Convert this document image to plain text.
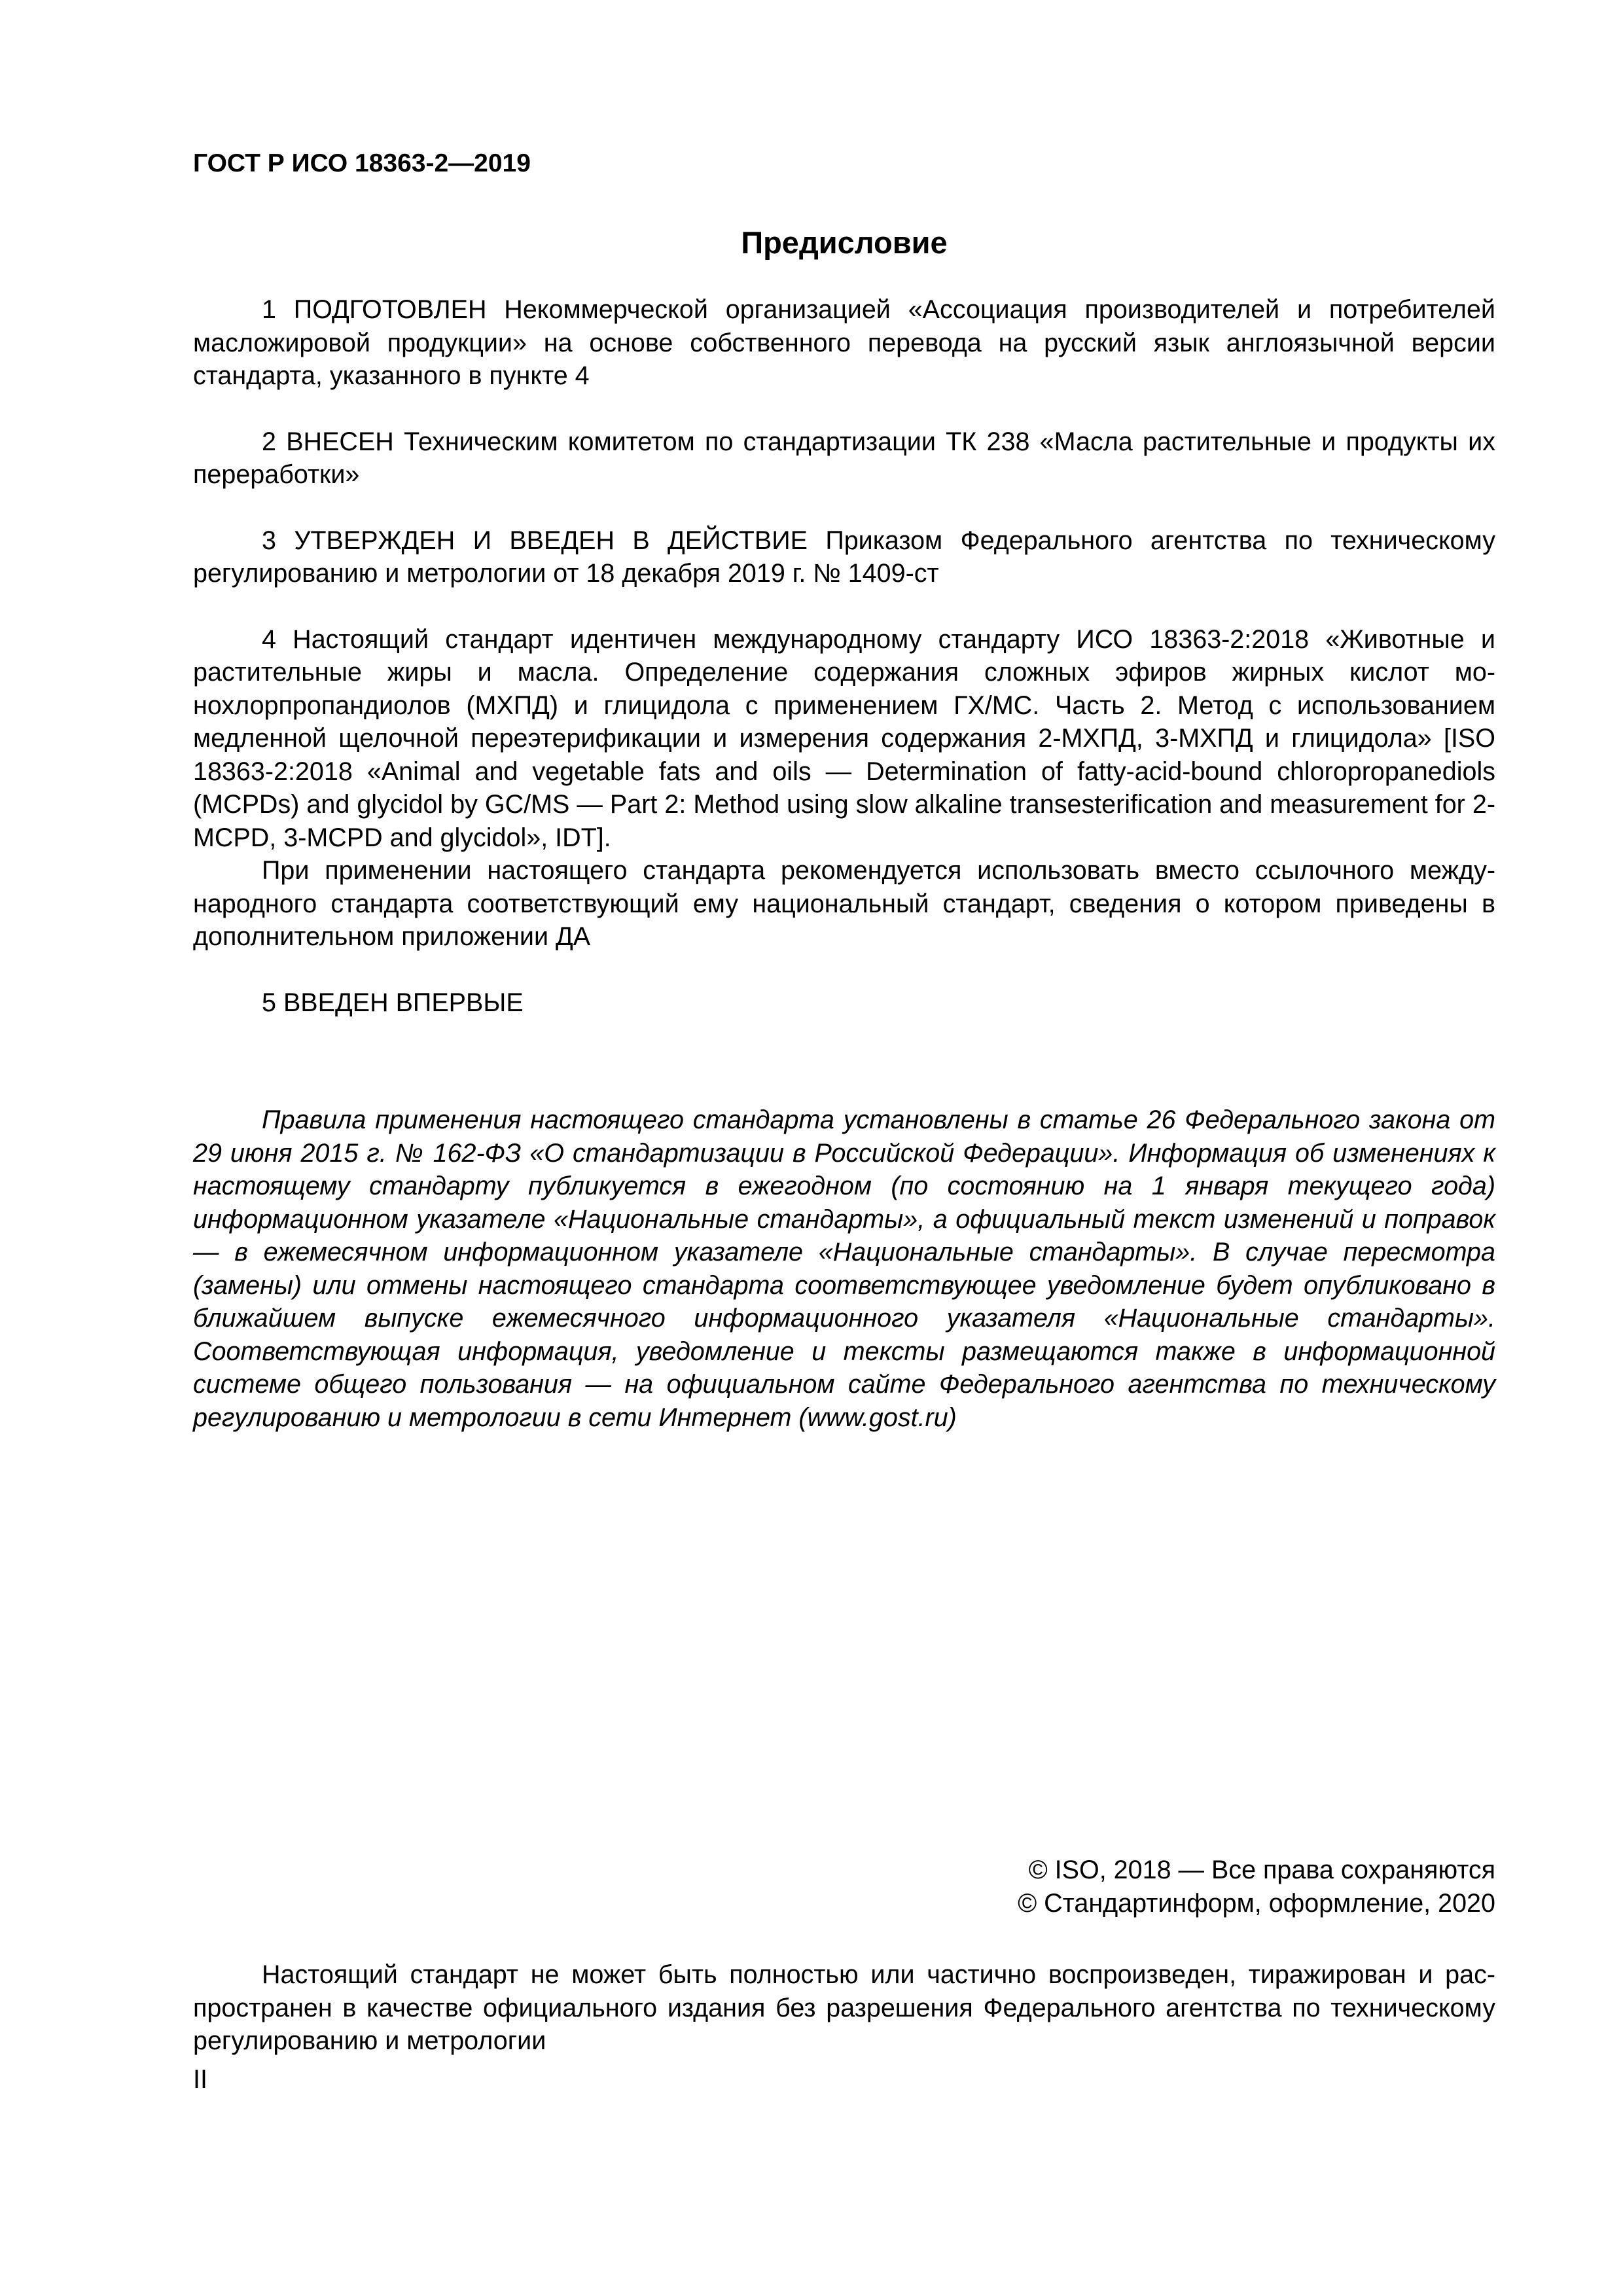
ГОСТ Р ИСО 18363-2—2019
Предисловие

1 ПОДГОТОВЛЕН Некоммерческой организацией «Ассоциация производителей и потребителей масложировой продукции» на основе собственного перевода на русский язык англоязычной версии стандарта, указанного в пункте 4

2 ВНЕСЕН Техническим комитетом по стандартизации ТК 238 «Масла растительные и продукты их переработки»

3 УТВЕРЖДЕН И ВВЕДЕН В ДЕЙСТВИЕ Приказом Федерального агентства по техническому регулированию и метрологии от 18 декабря 2019 г. № 1409-ст

4 Настоящий стандарт идентичен международному стандарту ИСО 18363-2:2018 «Животные и растительные жиры и масла. Определение содержания сложных эфиров жирных кислот монохлорпропандиолов (МХПД) и глицидола с применением ГХ/МС. Часть 2. Метод с использованием медленной щелочной переэтерификации и измерения содержания 2-МХПД, 3-МХПД и глицидола» [ISO 18363-2:2018 «Animal and vegetable fats and oils — Determination of fatty-acid-bound chloropropanediols (MCPDs) and glycidol by GC/MS — Part 2: Method using slow alkaline transesterification and measurement for 2-MCPD, 3-MCPD and glycidol», IDT].

При применении настоящего стандарта рекомендуется использовать вместо ссылочного международного стандарта соответствующий ему национальный стандарт, сведения о котором приведены в дополнительном приложении ДА

5 ВВЕДЕН ВПЕРВЫЕ

Правила применения настоящего стандарта установлены в статье 26 Федерального закона от 29 июня 2015 г. № 162-ФЗ «О стандартизации в Российской Федерации». Информация об изменениях к настоящему стандарту публикуется в ежегодном (по состоянию на 1 января текущего года) информационном указателе «Национальные стандарты», а официальный текст изменений и поправок — в ежемесячном информационном указателе «Национальные стандарты». В случае пересмотра (замены) или отмены настоящего стандарта соответствующее уведомление будет опубликовано в ближайшем выпуске ежемесячного информационного указателя «Национальные стандарты». Соответствующая информация, уведомление и тексты размещаются также в информационной системе общего пользования — на официальном сайте Федерального агентства по техническому регулированию и метрологии в сети Интернет (www.gost.ru)

© ISO, 2018 — Все права сохраняются
© Стандартинформ, оформление, 2020

Настоящий стандарт не может быть полностью или частично воспроизведен, тиражирован и распространен в качестве официального издания без разрешения Федерального агентства по техническому регулированию и метрологии

II
